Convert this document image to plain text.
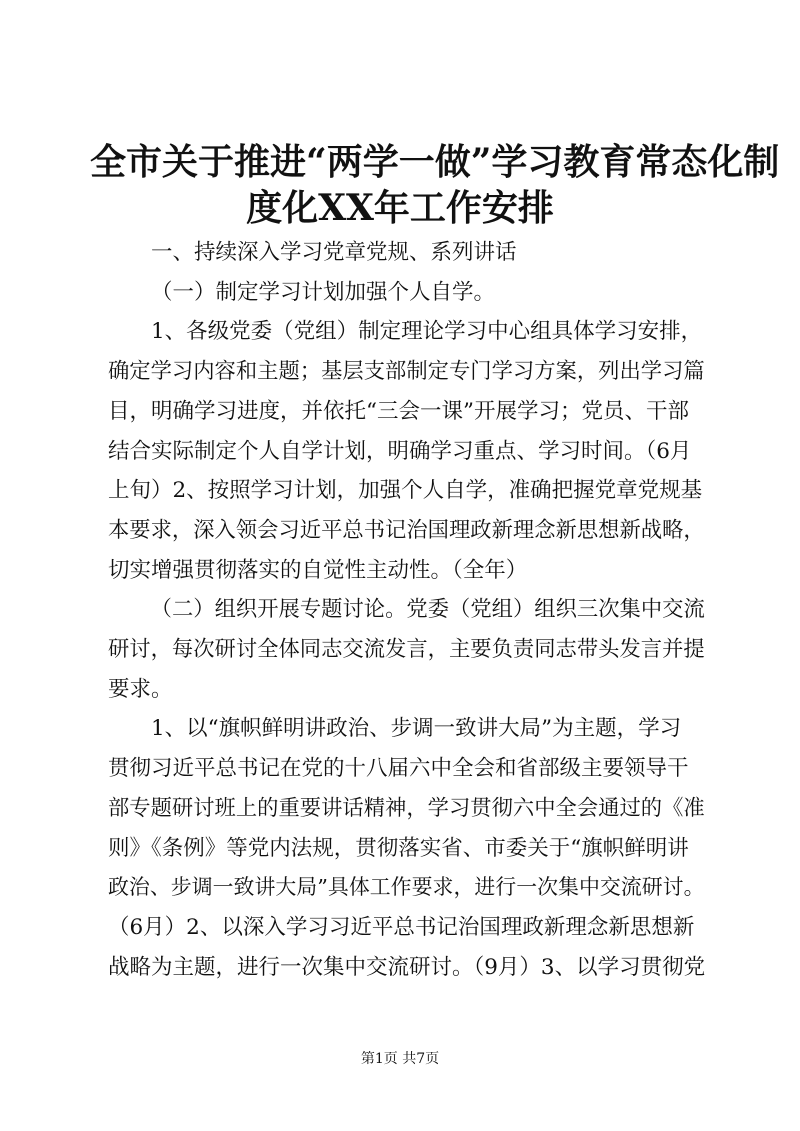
全市关于推进“两学一做”学习教育常态化制
度化XX年工作安排

一、持续深入学习党章党规、系列讲话

（一）制定学习计划加强个人自学。

1、各级党委（党组）制定理论学习中心组具体学习安排，

确定学习内容和主题；基层支部制定专门学习方案，列出学习篇

目，明确学习进度，并依托“三会一课”开展学习；党员、干部

结合实际制定个人自学计划，明确学习重点、学习时间。（6月

上旬）2、按照学习计划，加强个人自学，准确把握党章党规基

本要求，深入领会习近平总书记治国理政新理念新思想新战略，

切实增强贯彻落实的自觉性主动性。（全年）

（二）组织开展专题讨论。党委（党组）组织三次集中交流

研讨，每次研讨全体同志交流发言，主要负责同志带头发言并提

要求。

1、以“旗帜鲜明讲政治、步调一致讲大局”为主题，学习

贯彻习近平总书记在党的十八届六中全会和省部级主要领导干

部专题研讨班上的重要讲话精神，学习贯彻六中全会通过的《准

则》《条例》等党内法规，贯彻落实省、市委关于“旗帜鲜明讲

政治、步调一致讲大局”具体工作要求，进行一次集中交流研讨。

（6月）2、以深入学习习近平总书记治国理政新理念新思想新

战略为主题，进行一次集中交流研讨。（9月）3、以学习贯彻党

第1页 共7页
